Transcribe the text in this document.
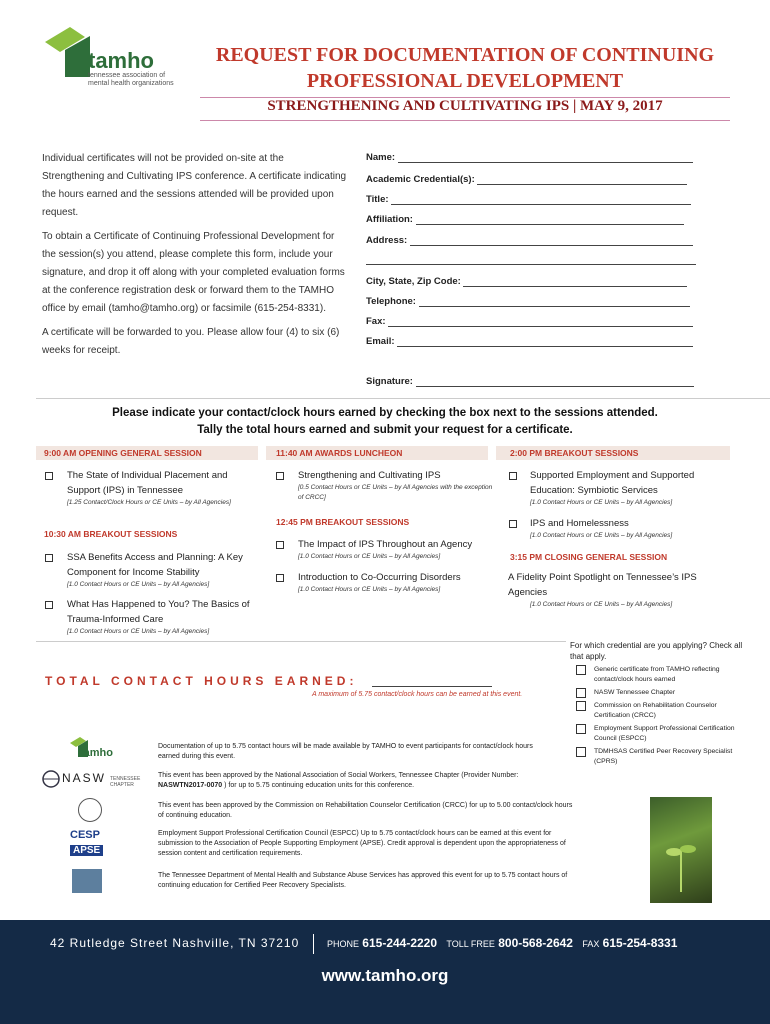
tamho
tennessee association of mental health organizations
REQUEST FOR DOCUMENTATION OF CONTINUING
PROFESSIONAL DEVELOPMENT
STRENGTHENING AND CULTIVATING IPS | MAY 9, 2017

Individual certificates will not be provided on-site at the Strengthening and Cultivating IPS conference. A certificate indicating the hours earned and the sessions attended will be provided upon request.

To obtain a Certificate of Continuing Professional Development for the session(s) you attend, please complete this form, include your signature, and drop it off along with your completed evaluation forms at the conference registration desk or forward them to the TAMHO office by email (tamho@tamho.org) or facsimile (615-254-8331).

A certificate will be forwarded to you. Please allow four (4) to six (6) weeks for receipt.

Name:
Academic Credential(s):
Title:
Affiliation:
Address:
City, State, Zip Code:
Telephone:
Fax:
Email:
Signature:
Please indicate your contact/clock hours earned by checking the box next to the sessions attended.
Tally the total hours earned and submit your request for a certificate.
9:00 AM OPENING GENERAL SESSION	11:40 AM AWARDS LUNCHEON	2:00 PM BREAKOUT SESSIONS
The State of Individual Placement and Support (IPS) in Tennessee
[1.25 Contact/Clock Hours or CE Units – by All Agencies]
10:30 AM BREAKOUT SESSIONS
SSA Benefits Access and Planning: A Key Component for Income Stability
[1.0 Contact Hours or CE Units – by All Agencies]
What Has Happened to You? The Basics of Trauma-Informed Care
[1.0 Contact Hours or CE Units – by All Agencies]
Strengthening and Cultivating IPS
[0.5 Contact Hours or CE Units – by All Agencies with the exception of CRCC]
12:45 PM BREAKOUT SESSIONS
The Impact of IPS Throughout an Agency
[1.0 Contact Hours or CE Units – by All Agencies]
Introduction to Co-Occurring Disorders
[1.0 Contact Hours or CE Units – by All Agencies]
Supported Employment and Supported Education: Symbiotic Services
[1.0 Contact Hours or CE Units – by All Agencies]
IPS and Homelessness
[1.0 Contact Hours or CE Units – by All Agencies]
3:15 PM CLOSING GENERAL SESSION
A Fidelity Point Spotlight on Tennessee’s IPS Agencies
[1.0 Contact Hours or CE Units – by All Agencies]
TOTAL CONTACT HOURS EARNED:
A maximum of 5.75 contact/clock hours can be earned at this event.
For which credential are you applying? Check all that apply.
Generic certificate from TAMHO reflecting contact/clock hours earned
NASW Tennessee Chapter
Commission on Rehabilitation Counselor Certification (CRCC)
Employment Support Professional Certification Council (ESPCC)
TDMHSAS Certified Peer Recovery Specialist (CPRS)
tamho
NASW TENNESSEE CHAPTER
CESP
APSE
Documentation of up to 5.75 contact hours will be made available by TAMHO to event participants for contact/clock hours earned during this event.
This event has been approved by the National Association of Social Workers, Tennessee Chapter (Provider Number: NASWTN2017-0070 ) for up to 5.75 continuing education units for this conference.
This event has been approved by the Commission on Rehabilitation Counselor Certification (CRCC) for up to 5.00 contact/clock hours of continuing education.
Employment Support Professional Certification Council (ESPCC) Up to 5.75 contact/clock hours can be earned at this event for submission to the Association of People Supporting Employment (APSE). Credit approval is dependent upon the appropriateness of session content and certification requirements.
The Tennessee Department of Mental Health and Substance Abuse Services has approved this event for up to 5.75 contact hours of continuing education for Certified Peer Recovery Specialists.
42 Rutledge Street Nashville, TN 37210	PHONE 615-244-2220 TOLL FREE 800-568-2642 FAX 615-254-8331
www.tamho.org
